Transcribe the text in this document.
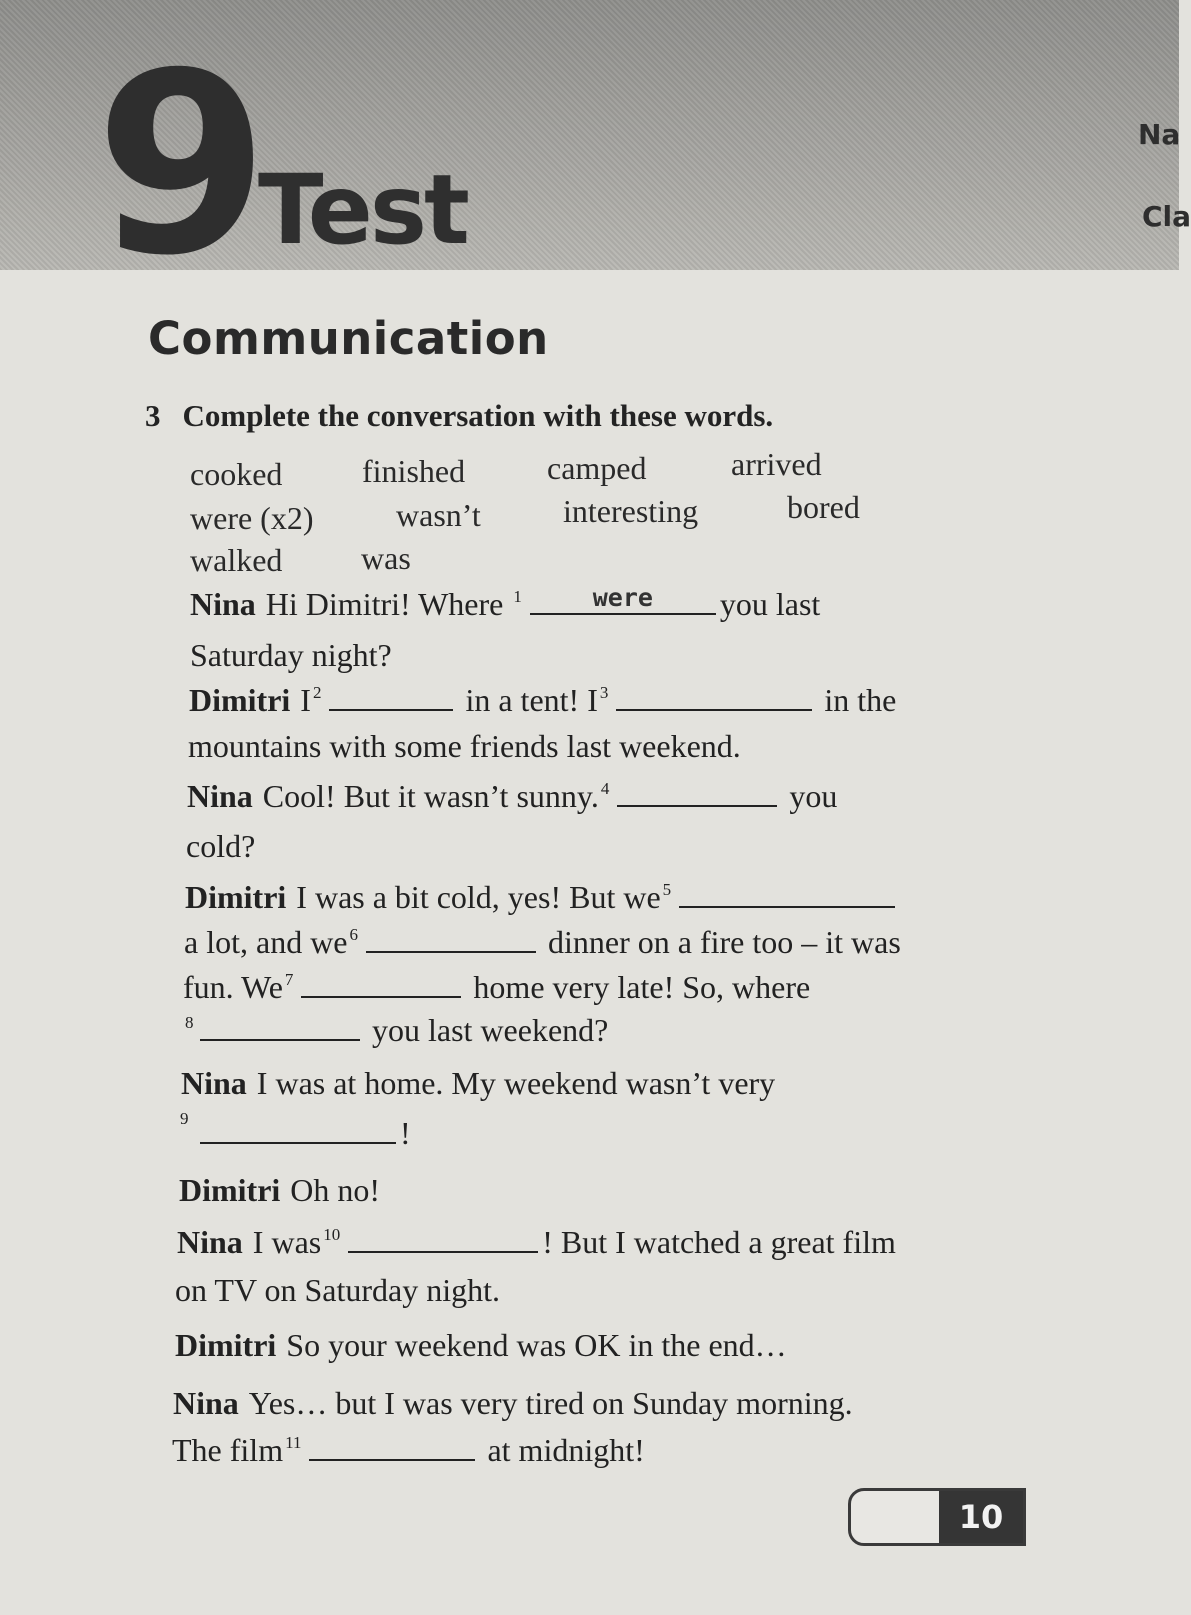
9 Test
Na
Cla
Communication
3 Complete the conversation with these words.
cooked finished	camped	arrived
were (x2)	wasn’t	interesting	bored
walked was
Nina Hi Dimitri! Where $^1$	were	you last
Saturday night?
Dimitri I $^2$	in a tent! I $^3$	in the
mountains with some friends last weekend.
Nina Cool! But it wasn’t sunny. $^4$	you
cold?
Dimitri I was a bit cold, yes! But we $^5$
a lot, and we $^6$	dinner on a fire too – it was
fun. We $^7$	home very late! So, where
$^8$	you last weekend?
Nina I was at home. My weekend wasn’t very
$^9$	!
Dimitri Oh no!
Nina I was $^{10}$	! But I watched a great film
on TV on Saturday night.
Dimitri So your weekend was OK in the end…
Nina Yes… but I was very tired on Sunday morning.
The film $^{11}$	at midnight!
10
